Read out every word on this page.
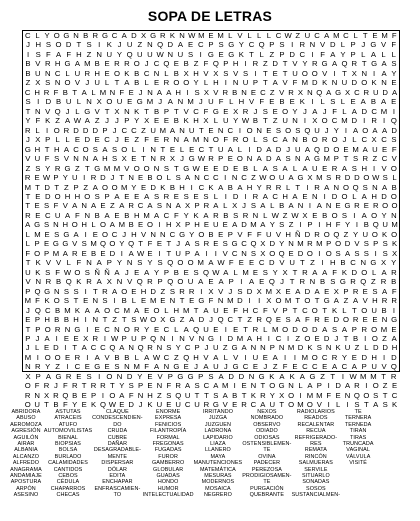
SOPA DE LETRAS
C L Y O G N B R G C A D X G R K N W M E M L V L L L C W Z U C A M C L T E M F
J H S O D T S I K J U Z N Q D A E C P S G Y C Q P S I R N V D L P J G V F
I S F A F H Z N U Y Q U U W N U S I G E G K T L Z P D C I F A Y P L A L L
B V R H G A M B E R R O J C Q E B Z F Q P H I R Z D T V Y R G A Q R T G A S
B U N C L U R H E O K B C N L B X H V X S V S I T E T U O O V I T X N I A Y
Z X S N O V J U L T A B L E R O O Y L H I N U P T A V F M D K N U D O K N E
C H R F B T A L M N F E J N A A H I S X V R B N E C Z V R X N Q A G X C R U D A
S I D B U L N X O U E G M J A N M J U F L H V F E B E K I L S L E A B A E
T N V Q J L G V T X N K T B P T V C F G E X R J S E O Y J A J F L A D C M I
Y F K Z A W A Z J J P Y X E E B K H X L U Y W B T Z U N I X O C M D I R I Q
R L I O R D D D P J C C Z U M A N U T E N C I O N E S O S Q U J Y I A O A A D
J X P L L E D E C J E Z F E R N A M N O F R O L S C A N B O R O J L C X C S
G H T H A C O S A S O L I N T E L E C T U A L I D A D J U A Q D O E M A U E F
V U F S V N N A H S X E T N R X J G W R P E O N A D A S N A G M P T S R Z C V
Z S Y R G Z T G M M V O O N S T G W E E D E B L A S A L A U E R A S H I V O
R E W P Y U I R D J T N E B O L S A N C C I N C Z W O U A G X M S R D D O W S L
M T D T Z P Z A O O M Y E D K B H I C K A B A H Y R R L T I R A N O Q S N A B
T E D O H H O S P A E E A S R E S E S L I D I R A C H A E N I D O L A H D O
T E S F V A N A E Z A R C A S N A X P R A L X J S A L B A N I A N E G R E R O O
R E C U A F N B A E B H M A C F Y K A R B S R N L W Z W X E B O S I A O Y N
A G S N H O H L O A M B E O I H X P H E U E A D M A Y S Z I P I H F Y I B Q U M
L M E S G A I E O C J H V N N C G Y O B E P V F F U V H Ñ D R O Q Z Y U O K O
L P E G G V S M Q O Y Q T F E T J A S R E S G C Q X D Y N M R M P O D V S P S K
F O P M A R E B E D I A W E I T U P A I I V C N S X O Q E D O I O S A S S I S X
T K V V L F N A P Y N S Y S Q O O M A W F E E C D V U T Z I H B C N G X Y
U K S F W O S Ñ Ñ A J E A Y P B E S Q W A L M E S Y X T R A A F K D O L A R
V N R B Q K R A X N V Q R P Q O U A E A P I A E Q J T R N B S G R Q Z R B
P Q G N S S I T R A O E H D Z S R R I X V J S D X M X E A D A E X P R E S A F
M F K O S T E N S I B L E M E N T E G F N M D I I X O M T O T G A Z A V H R R
J Q C B M K A A O C M A E O L H M T A U E F H C F V P T C O T K L T O U B I
E P H B B H I N T Z T S W O X G Z A D J Q C T Z R Q E S A F R E D O R E E N G
T P O R N G I E C N O R Y E C L A Q U E I E T R L M O D O D A S A P R O M E
P J A I E E X R I W P U P Q N I N V N G I D M A H I C I Z O E D J T B I O Z A
J L E D I T A C C Q A N Q R N S Y C P J U Z G A N N P N M D K S N K U Z L D D H
M I O O E R I A V B B L A W C Z Q H V A L V I U E A I	I M O C R Y E D H I D
N R Y Z I C E G E S N M F A N G E J A U J G C E J Z F E C C E A C A P U V Q
X P A G R E S I O N D Y E V P G G P S A D D N G K A K A G Z T I W M M T R
O F R J F R T R R T Y S P E N F R A S C A M I E N T O G N L A P I D A R I O Z E
R N X R Q B E P I O A F N H Z S Q U T T S A B T K R Y X O I M M F E N Q O S T C
O U T B F Y E K Q W E D J K U E U C U R G V E R C A U T O M O V I L I S T A S K
ABRIDORA
ABUSO
AEROMOZA
AGRESIÓN
AGUILÓN
AIRAR
ALBANIA
ALCANZO
ALFREDO
ANAGRAMA
ANDAMIAJE
APOSTURA
ARPÓN
ASESINO
ASTUTAS
ATRACEIS
ATUFO
AUTOMOVILISTAS
BIENAL
BIOPSIAS
BOLSA
BURLADO
CALAMIDADES
CANTIDOS
CEBOS
CÉDULA
CHAPARROS
CHECAS
CLAQUE
CONDESCENDIEN-
DO
CRUDA
CUBRE
DAÑAR
DESAGRADABLE-
MENTE
DISPERSAR
DÓLAR
EDITA
ENCHAPAR
ENFRASCAMIEN-
TO
ENORME
EXPRESA
FENICIOS
FILANTROPÍA
FORMAL
FREGONAS
FUGADAS
FUROR
GAMBERRO
GLOBULAR
GUADAS
HONDO
HUMOR
INTELECTUALIDAD
IRRITANDO
JUZGA
JUZGUEN
LADRONA
LAPIDARIO
LIAZA
LLANERO
MAYA
MANUTENCIONES
MATEMÁTICA
MESURAS
MODERNOS
MOSAICA
NEGRERO
NEXOS
NOMBRADO
OBSERVO
ODIADO
ODIOSAS
OSTENSIBLEMEN-
TE
OVINA
PADECER
PEREZOSA
PRODIGIOSAMEN-
TE
PURGACIÓN
QUEBRANTE
RADIOLARIOS
READOS
RECALENTAR
RECUA
REFRIGERADO-
RES
REMATA
RINCÓN
SALMUERAS
SERVILE
SITUARLO
SONADAS
SOSOS
SUSTANCIALMEN-
TE
TERNERA
TERNEDA
TIRAN
TIRAS
TRUNCADA
VAGINAL
VÁLVULA
VISITÉ
